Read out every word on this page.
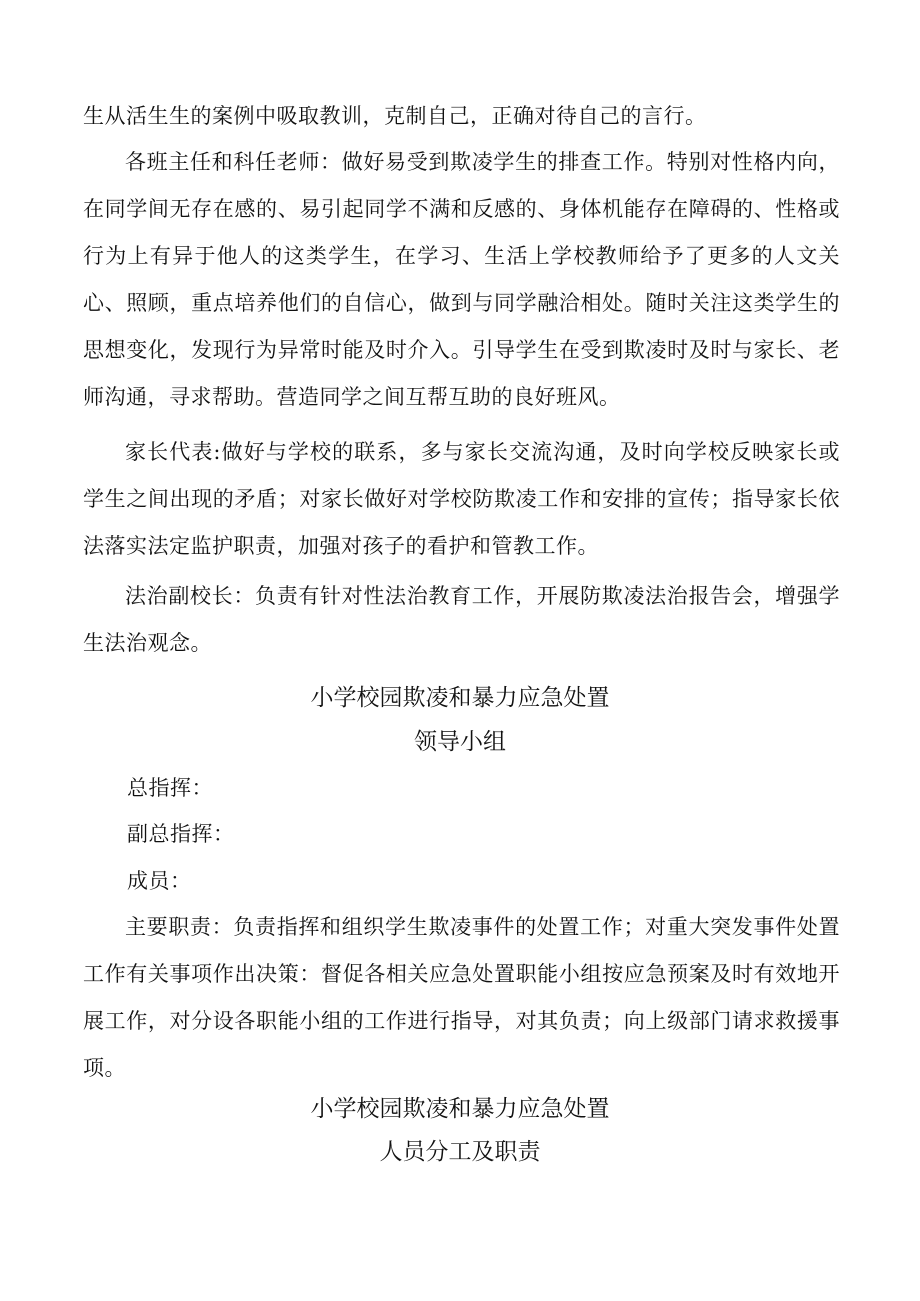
生从活生生的案例中吸取教训，克制自己，正确对待自己的言行。

各班主任和科任老师：做好易受到欺凌学生的排查工作。特别对性格内向，在同学间无存在感的、易引起同学不满和反感的、身体机能存在障碍的、性格或行为上有异于他人的这类学生，在学习、生活上学校教师给予了更多的人文关心、照顾，重点培养他们的自信心，做到与同学融洽相处。随时关注这类学生的思想变化，发现行为异常时能及时介入。引导学生在受到欺凌时及时与家长、老师沟通，寻求帮助。营造同学之间互帮互助的良好班风。

家长代表:做好与学校的联系，多与家长交流沟通，及时向学校反映家长或学生之间出现的矛盾；对家长做好对学校防欺凌工作和安排的宣传；指导家长依法落实法定监护职责，加强对孩子的看护和管教工作。

法治副校长：负责有针对性法治教育工作，开展防欺凌法治报告会，增强学生法治观念。

小学校园欺凌和暴力应急处置
领导小组

总指挥：

副总指挥：

成员：

主要职责：负责指挥和组织学生欺凌事件的处置工作；对重大突发事件处置工作有关事项作出决策：督促各相关应急处置职能小组按应急预案及时有效地开展工作，对分设各职能小组的工作进行指导，对其负责；向上级部门请求救援事项。

小学校园欺凌和暴力应急处置
人员分工及职责
